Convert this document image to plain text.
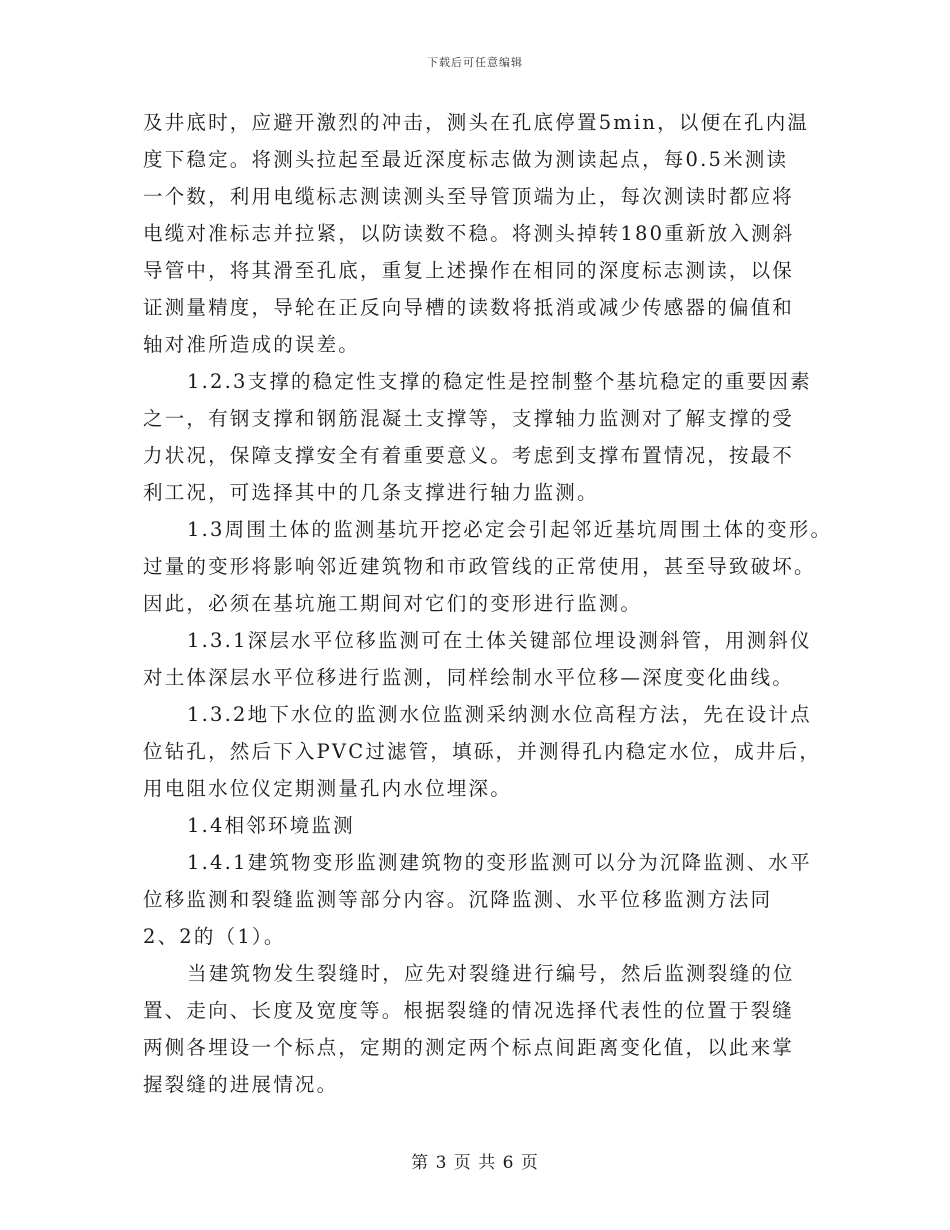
下载后可任意编辑
及井底时，应避开激烈的冲击，测头在孔底停置5min，以便在孔内温
度下稳定。将测头拉起至最近深度标志做为测读起点，每0.5米测读
一个数，利用电缆标志测读测头至导管顶端为止，每次测读时都应将
电缆对准标志并拉紧，以防读数不稳。将测头掉转180重新放入测斜
导管中，将其滑至孔底，重复上述操作在相同的深度标志测读，以保
证测量精度，导轮在正反向导槽的读数将抵消或减少传感器的偏值和
轴对准所造成的误差。
1.2.3支撑的稳定性支撑的稳定性是控制整个基坑稳定的重要因素
之一，有钢支撑和钢筋混凝土支撑等，支撑轴力监测对了解支撑的受
力状况，保障支撑安全有着重要意义。考虑到支撑布置情况，按最不
利工况，可选择其中的几条支撑进行轴力监测。
1.3周围土体的监测基坑开挖必定会引起邻近基坑周围土体的变形。
过量的变形将影响邻近建筑物和市政管线的正常使用，甚至导致破坏。
因此，必须在基坑施工期间对它们的变形进行监测。
1.3.1深层水平位移监测可在土体关键部位埋设测斜管，用测斜仪
对土体深层水平位移进行监测，同样绘制水平位移—深度变化曲线。
1.3.2地下水位的监测水位监测采纳测水位高程方法，先在设计点
位钻孔，然后下入PVC过滤管，填砾，并测得孔内稳定水位，成井后，
用电阻水位仪定期测量孔内水位埋深。
1.4相邻环境监测
1.4.1建筑物变形监测建筑物的变形监测可以分为沉降监测、水平
位移监测和裂缝监测等部分内容。沉降监测、水平位移监测方法同
2、2的（1）。
当建筑物发生裂缝时，应先对裂缝进行编号，然后监测裂缝的位
置、走向、长度及宽度等。根据裂缝的情况选择代表性的位置于裂缝
两侧各埋设一个标点，定期的测定两个标点间距离变化值，以此来掌
握裂缝的进展情况。
第 3 页 共 6 页
